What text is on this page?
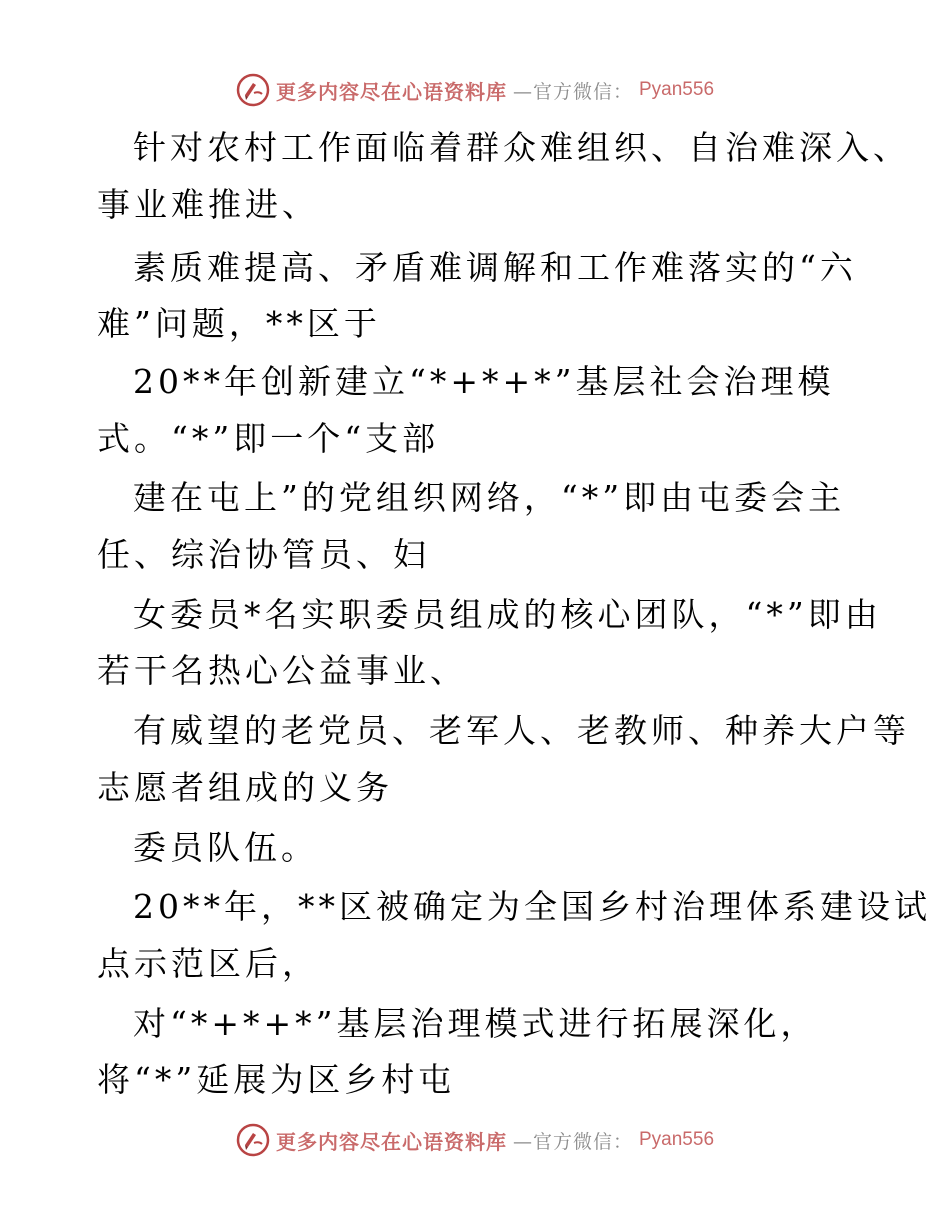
更多内容尽在心语资料库 —官方微信： Pyan556
针对农村工作面临着群众难组织、自治难深入、
事业难推进、
素质难提高、矛盾难调解和工作难落实的“六
难”问题，**区于
20**年创新建立“*+*+*”基层社会治理模
式。“*”即一个“支部
建在屯上”的党组织网络，“*”即由屯委会主
任、综治协管员、妇
女委员*名实职委员组成的核心团队，“*”即由
若干名热心公益事业、
有威望的老党员、老军人、老教师、种养大户等
志愿者组成的义务
委员队伍。
20**年，**区被确定为全国乡村治理体系建设试
点示范区后，
对“*+*+*”基层治理模式进行拓展深化，
将“*”延展为区乡村屯
更多内容尽在心语资料库 —官方微信： Pyan556
